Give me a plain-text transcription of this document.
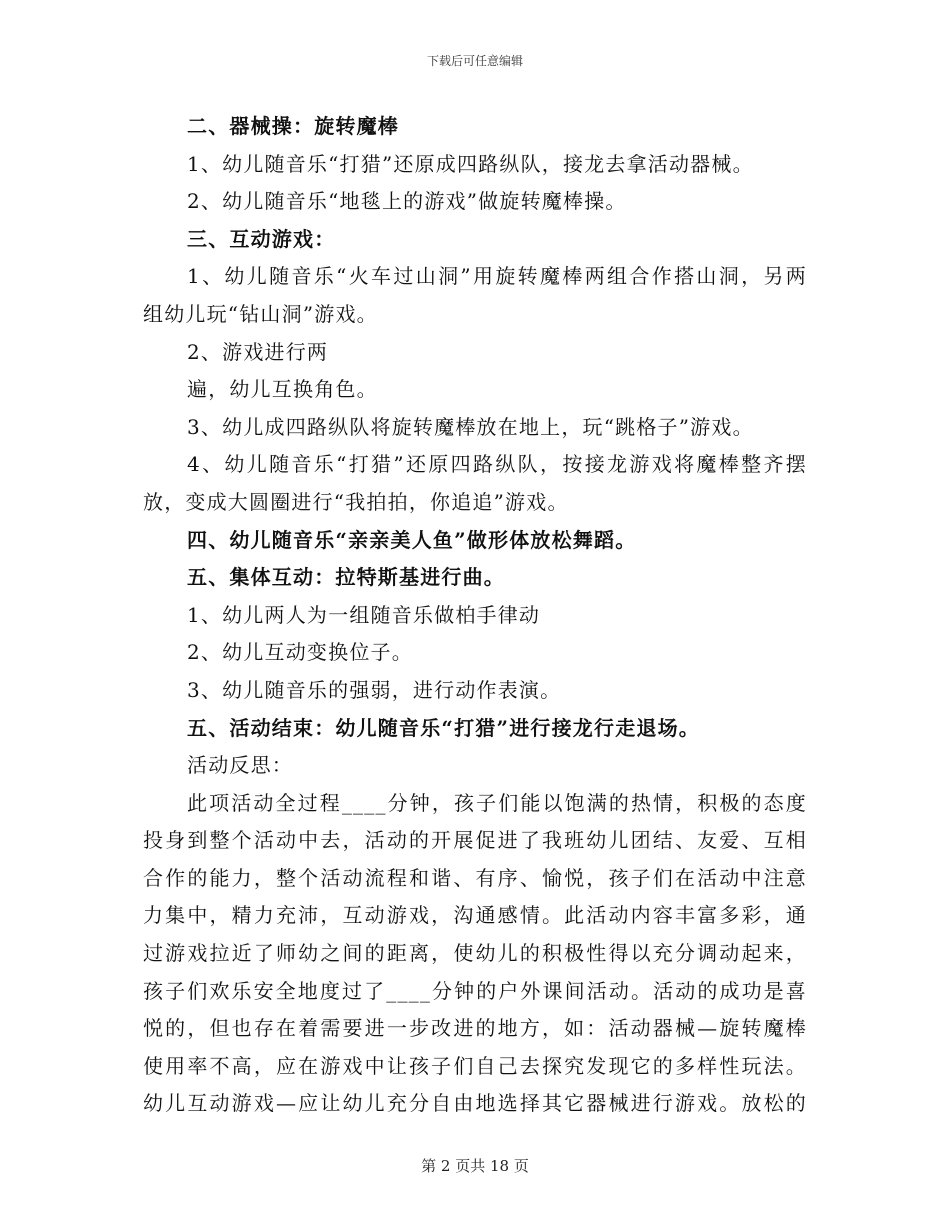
下载后可任意编辑
二、器械操：旋转魔棒
1、幼儿随音乐“打猎”还原成四路纵队，接龙去拿活动器械。
2、幼儿随音乐“地毯上的游戏”做旋转魔棒操。
三、互动游戏：
1、幼儿随音乐“火车过山洞”用旋转魔棒两组合作搭山洞，另两
组幼儿玩“钻山洞”游戏。
2、游戏进行两
遍，幼儿互换角色。
3、幼儿成四路纵队将旋转魔棒放在地上，玩“跳格子”游戏。
4、幼儿随音乐“打猎”还原四路纵队，按接龙游戏将魔棒整齐摆
放，变成大圆圈进行“我拍拍，你追追”游戏。
四、幼儿随音乐“亲亲美人鱼”做形体放松舞蹈。
五、集体互动：拉特斯基进行曲。
1、幼儿两人为一组随音乐做柏手律动
2、幼儿互动变换位子。
3、幼儿随音乐的强弱，进行动作表演。
五、活动结束：幼儿随音乐“打猎”进行接龙行走退场。
活动反思：
此项活动全过程____分钟，孩子们能以饱满的热情，积极的态度
投身到整个活动中去，活动的开展促进了我班幼儿团结、友爱、互相
合作的能力，整个活动流程和谐、有序、愉悦，孩子们在活动中注意
力集中，精力充沛，互动游戏，沟通感情。此活动内容丰富多彩，通
过游戏拉近了师幼之间的距离，使幼儿的积极性得以充分调动起来，
孩子们欢乐安全地度过了____分钟的户外课间活动。活动的成功是喜
悦的，但也存在着需要进一步改进的地方，如：活动器械—旋转魔棒
使用率不高，应在游戏中让孩子们自己去探究发现它的多样性玩法。
幼儿互动游戏—应让幼儿充分自由地选择其它器械进行游戏。放松的
第 2 页共 18 页
